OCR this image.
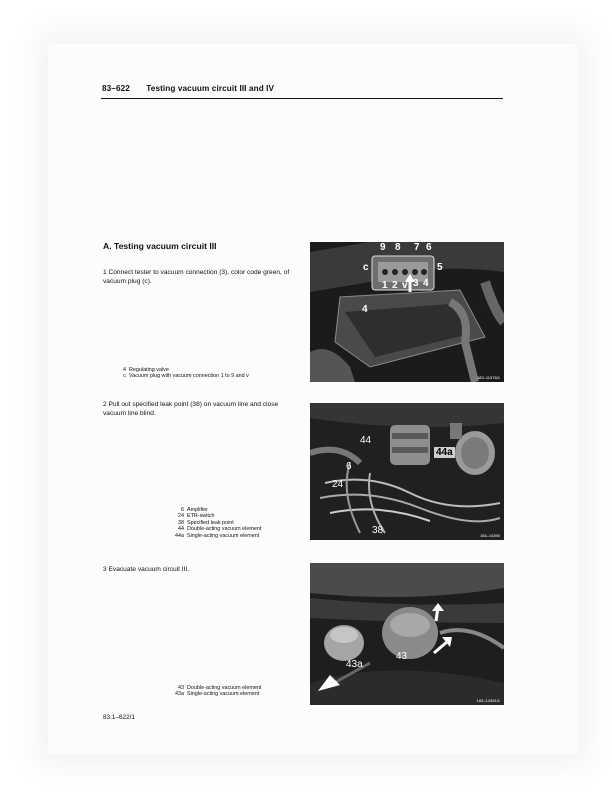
83–622 Testing vacuum circuit III and IV
A. Testing vacuum circuit III
1 Connect tester to vacuum connection (3), color code green, of vacuum plug (c).
2 Pull out specified leak point (38) on vacuum line and close vacuum line blind.
3 Evacuate vacuum circuit III.
4 Regulating valve
c Vacuum plug with vacuum connection 1 to 9 and v
6 Amplifier
24 ETR-switch
38 Specified leak point
44 Double-acting vacuum element
44a Single-acting vacuum element
43 Double-acting vacuum element
43a Single-acting vacuum element
9 8 7 6
c	5
1 2 v 3 4
4
183–11376/1
44
44a
6
24
38	183–14390
43a
43
183–14391/1
83.1–622/1
